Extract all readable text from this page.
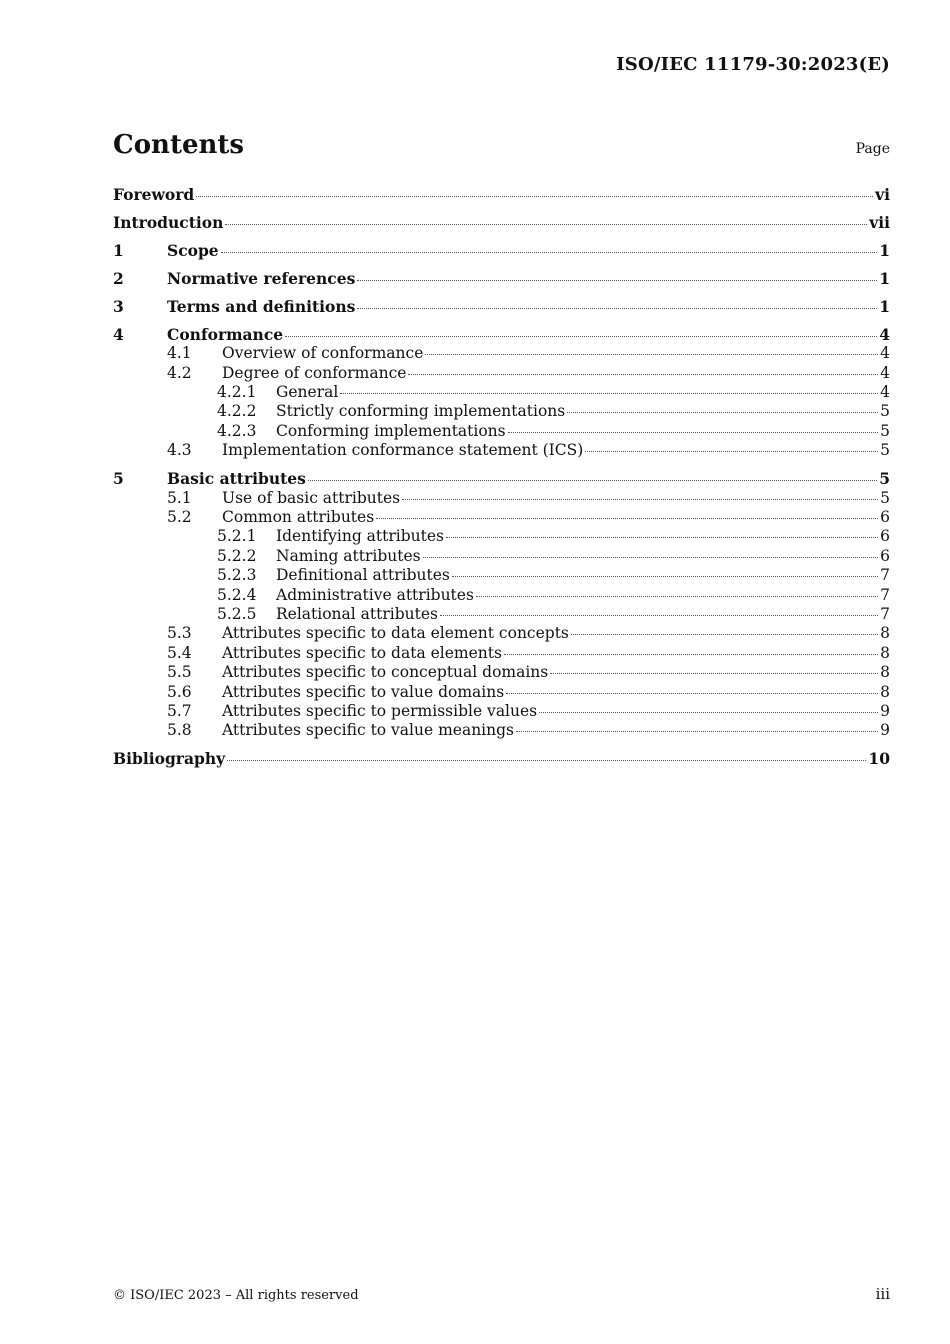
ISO/IEC 11179-30:2023(E)
Contents	Page
Foreword	vi
Introduction	vii
1	Scope	1
2	Normative references	1
3	Terms and definitions	1
4	Conformance	4
4.1	Overview of conformance	4
4.2	Degree of conformance	4
4.2.1	General	4
4.2.2	Strictly conforming implementations	5
4.2.3	Conforming implementations	5
4.3	Implementation conformance statement (ICS)	5
5	Basic attributes	5
5.1	Use of basic attributes	5
5.2	Common attributes	6
5.2.1	Identifying attributes	6
5.2.2	Naming attributes	6
5.2.3	Definitional attributes	7
5.2.4	Administrative attributes	7
5.2.5	Relational attributes	7
5.3	Attributes specific to data element concepts	8
5.4	Attributes specific to data elements	8
5.5	Attributes specific to conceptual domains	8
5.6	Attributes specific to value domains	8
5.7	Attributes specific to permissible values	9
5.8	Attributes specific to value meanings	9
Bibliography	10
© ISO/IEC 2023 – All rights reserved	iii
